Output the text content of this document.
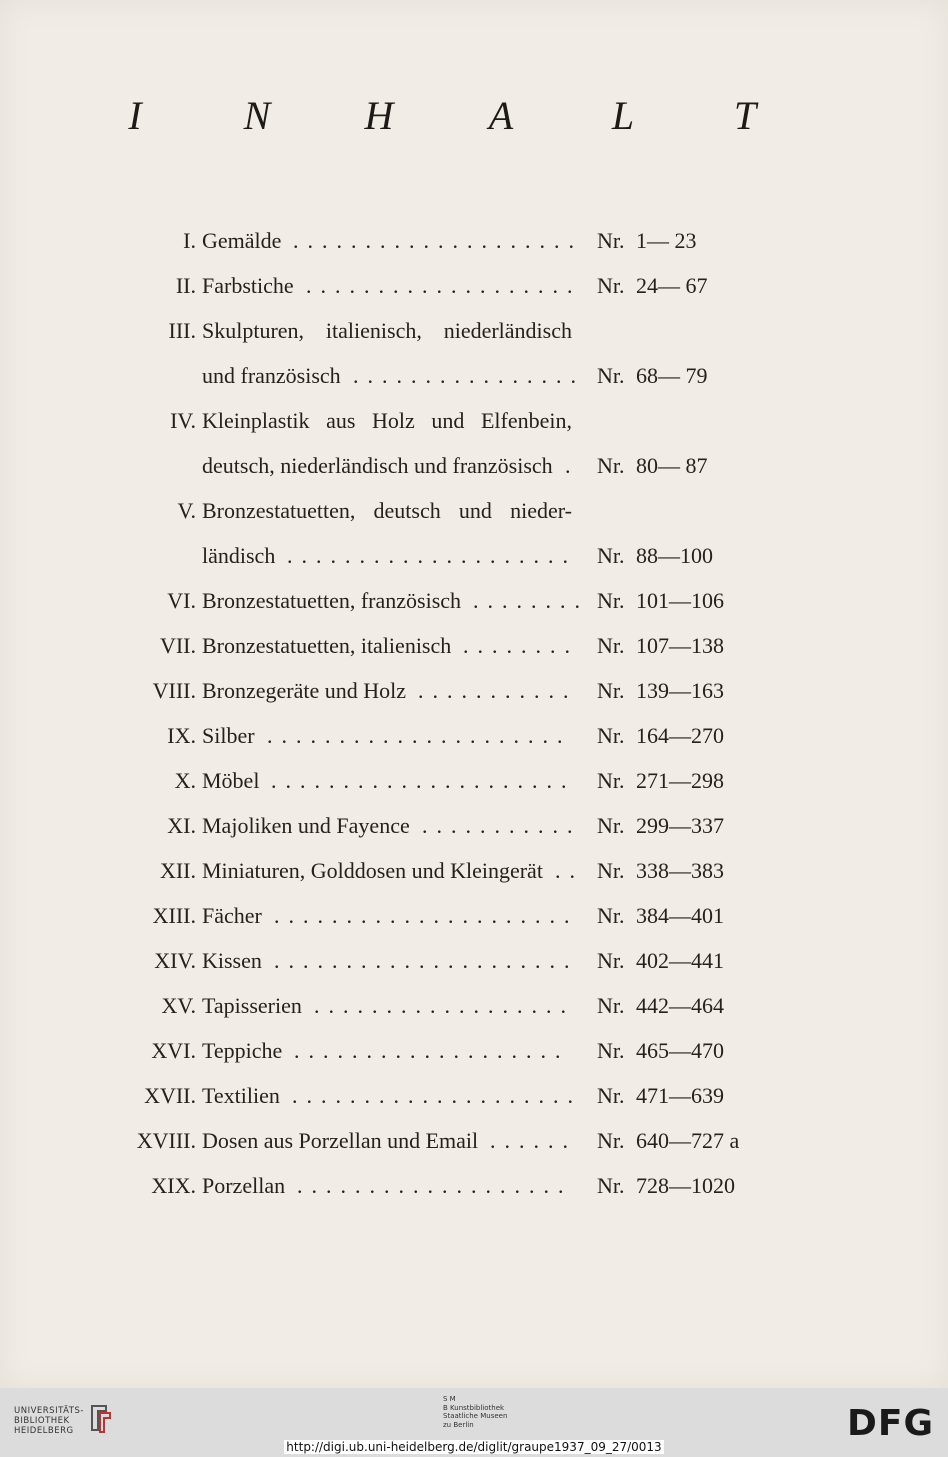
I	N H A L T
I. Gemälde	Nr. 1— 23
....................
II. Farbstiche	Nr. 24— 67
...................
III. Skulpturen, italienisch, niederländisch
und französisch	Nr. 68— 79
................
IV. Kleinplastik aus Holz und Elfenbein,
deutsch, niederländisch und französisch Nr. 80— 87
.
V. Bronzestatuetten, deutsch und nieder-
ländisch	Nr. 88—100
....................
VI. Bronzestatuetten, französisch	Nr. 101—106
........
VII. Bronzestatuetten, italienisch	Nr. 107—138
........
VIII. Bronzegeräte und Holz	Nr. 139—163
...........
IX. Silber	Nr. 164—270
.....................
X. Möbel	Nr. 271—298
.....................
XI. Majoliken und Fayence	Nr. 299—337
...........
XII. Miniaturen, Golddosen und Kleingerät Nr. 338—383
..
XIII. Fächer	Nr. 384—401
.....................
XIV. Kissen	Nr. 402—441
.....................
XV. Tapisserien	Nr. 442—464
..................
XVI. Teppiche	Nr. 465—470
...................
XVII. Textilien	Nr. 471—639
....................
XVIII. Dosen aus Porzellan und Email	Nr. 640—727 a
......
XIX. Porzellan	Nr. 728—1020
...................
UNIVERSITÄTS-
BIBLIOTHEK
HEIDELBERG
S M
B Kunstbibliothek
Staatliche Museen
zu Berlin	DFG
http://digi.ub.uni-heidelberg.de/diglit/graupe1937_09_27/0013
